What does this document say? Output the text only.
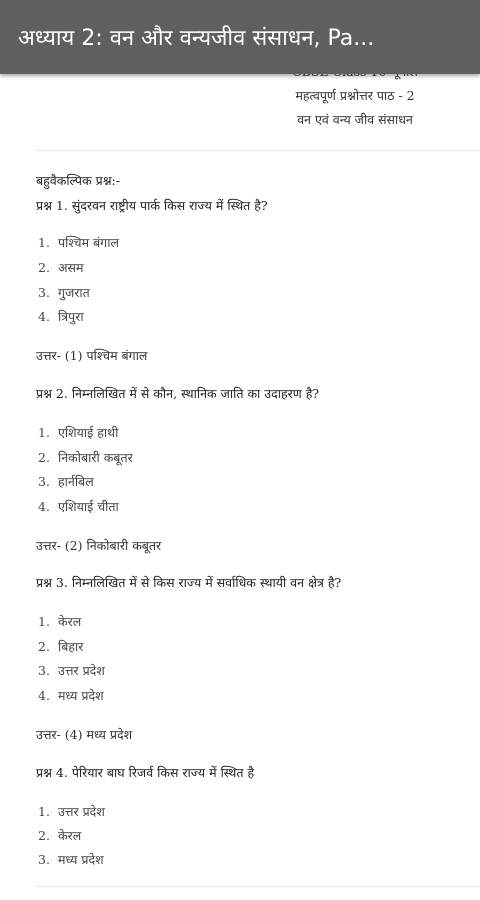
अध्याय 2: वन और वन्यजीव संसाधन, Pa...
महत्वपूर्ण प्रश्नोत्तर पाठ - 2
वन एवं वन्य जीव संसाधन
बहुवैकल्पिक प्रश्न:-
प्रश्न 1. सुंदरवन राष्ट्रीय पार्क किस राज्य में स्थित है?
1. पश्चिम बंगाल
2. असम
3. गुजरात
4. त्रिपुरा
उत्तर- (1) पश्चिम बंगाल
प्रश्न 2. निम्नलिखित में से कौन, स्थानिक जाति का उदाहरण है?
1. एशियाई हाथी
2. निकोबारी कबूतर
3. हार्नबिल
4. एशियाई चीता
उत्तर- (2) निकोबारी कबूतर
प्रश्न 3. निम्नलिखित में से किस राज्य में सर्वाधिक स्थायी वन क्षेत्र है?
1. केरल
2. बिहार
3. उत्तर प्रदेश
4. मध्य प्रदेश
उत्तर- (4) मध्य प्रदेश
प्रश्न 4. पेरियार बाघ रिजर्व किस राज्य में स्थित है
1. उत्तर प्रदेश
2. केरल
3. मध्य प्रदेश
